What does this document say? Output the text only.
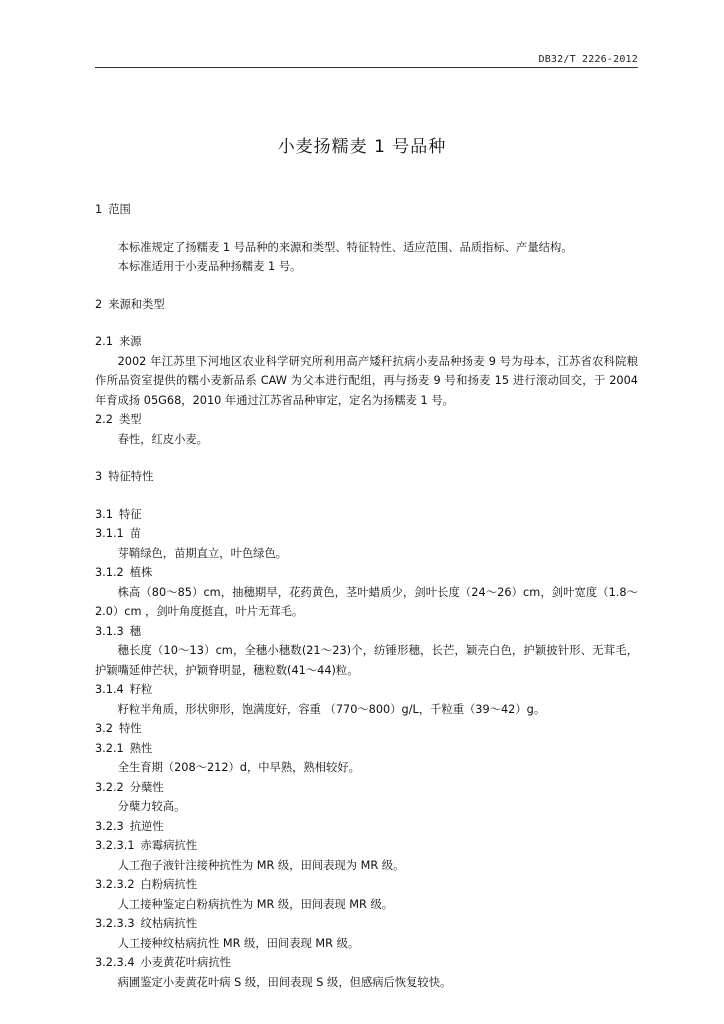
DB32/T 2226-2012
小麦扬糯麦 1 号品种
1 范围

本标准规定了扬糯麦 1 号品种的来源和类型、特征特性、适应范围、品质指标、产量结构。

本标准适用于小麦品种扬糯麦 1 号。

2 来源和类型
2.1 来源

2002 年江苏里下河地区农业科学研究所利用高产矮秆抗病小麦品种扬麦 9 号为母本，江苏省农科院粮作所品资室提供的糯小麦新品系 CAW 为父本进行配组，再与扬麦 9 号和扬麦 15 进行滚动回交，于 2004 年育成扬 05G68，2010 年通过江苏省品种审定，定名为扬糯麦 1 号。

2.2 类型

春性，红皮小麦。

3 特征特性
3.1 特征
3.1.1 苗

芽鞘绿色，苗期直立，叶色绿色。

3.1.2 植株

株高（80～85）cm，抽穗期早，花药黄色，茎叶蜡质少，剑叶长度（24～26）cm，剑叶宽度（1.8～2.0）cm ，剑叶角度挺直，叶片无茸毛。

3.1.3 穗

穗长度（10～13）cm，全穗小穗数(21～23)个，纺锤形穗，长芒，颖壳白色，护颖披针形、无茸毛，护颖嘴延伸芒状，护颖脊明显，穗粒数(41～44)粒。

3.1.4 籽粒

籽粒半角质，形状卵形，饱满度好，容重 （770～800）g/L，千粒重（39～42）g。

3.2 特性
3.2.1 熟性

全生育期（208～212）d，中早熟，熟相较好。

3.2.2 分蘖性

分蘖力较高。

3.2.3 抗逆性
3.2.3.1 赤霉病抗性

人工孢子液针注接种抗性为 MR 级，田间表现为 MR 级。

3.2.3.2 白粉病抗性

人工接种鉴定白粉病抗性为 MR 级，田间表现 MR 级。

3.2.3.3 纹枯病抗性

人工接种纹枯病抗性 MR 级，田间表现 MR 级。

3.2.3.4 小麦黄花叶病抗性

病圃鉴定小麦黄花叶病 S 级，田间表现 S 级，但感病后恢复较快。
